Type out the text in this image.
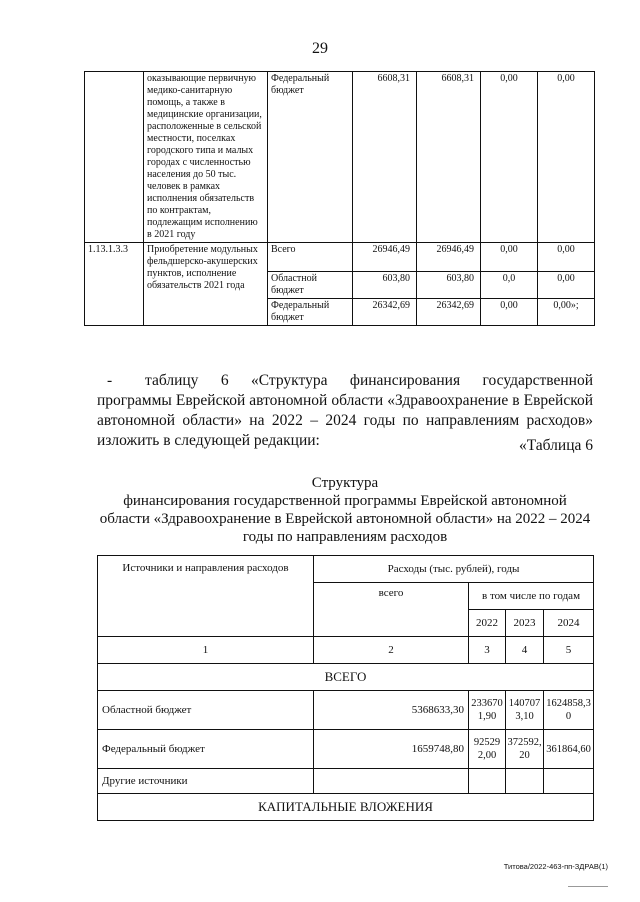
29
	оказывающие первичную медико-санитарную помощь, а также в медицинские организации, расположенные в сельской местности, поселках городского типа и малых городах с численностью населения до 50 тыс. человек в рамках исполнения обязательств по контрактам, подлежащим исполнению в 2021 году	Федеральный бюджет	6608,31	6608,31	0,00	0,00
1.13.1.3.3	Приобретение модульных фельдшерско-акушерских пунктов, исполнение обязательств 2021 года	Всего	26946,49	26946,49	0,00	0,00
		Областной бюджет	603,80	603,80	0,0	0,00
		Федеральный бюджет	26342,69	26342,69	0,00	0,00»;
- таблицу 6 «Структура финансирования государственной программы Еврейской автономной области «Здравоохранение в Еврейской автономной области» на 2022 – 2024 годы по направлениям расходов» изложить в следующей редакции:	«Таблица 6
Структура
финансирования государственной программы Еврейской автономной области «Здравоохранение в Еврейской автономной области» на 2022 – 2024 годы по направлениям расходов
Источники и направления расходов	Расходы (тыс. рублей), годы			
	всего	в том числе по годам		
		2022	2023	2024
1	2	3	4	5
ВСЕГО				
Областной бюджет	5368633,30	2336701,90	1407073,10	1624858,30
Федеральный бюджет	1659748,80	925292,00	372592,20	361864,60
Другие источники				
КАПИТАЛЬНЫЕ ВЛОЖЕНИЯ				
Титова/2022-463-пп-ЗДРАВ(1)
